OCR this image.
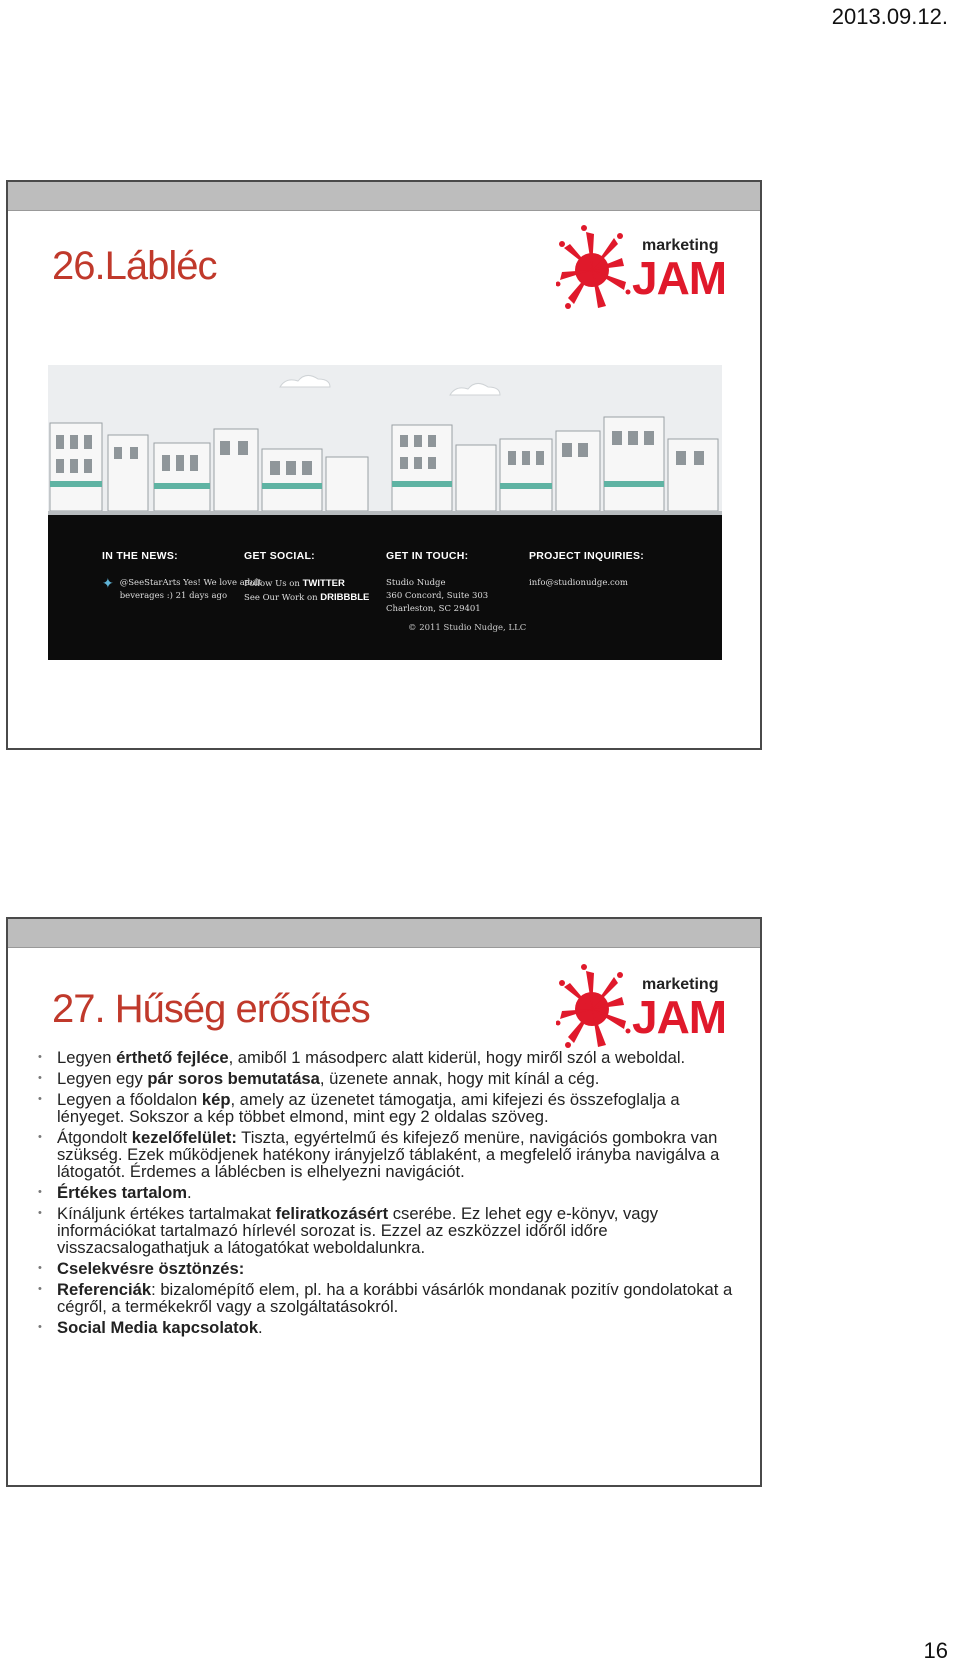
2013.09.12.
26.Lábléc	marketing
JAM
IN THE NEWS:
✦ @SeeStarArts Yes! We love adult
beverages :) 21 days ago
GET SOCIAL:
Follow Us on TWITTER
See Our Work on DRIBBBLE
GET IN TOUCH:
Studio Nudge
360 Concord, Suite 303
Charleston, SC 29401
PROJECT INQUIRIES:
info@studionudge.com
© 2011 Studio Nudge, LLC
27. Hűség erősítés
marketing
JAM
• Legyen érthető fejléce, amiből 1 másodperc alatt kiderül, hogy miről szól a weboldal.
• Legyen egy pár soros bemutatása, üzenete annak, hogy mit kínál a cég.
• Legyen a főoldalon kép, amely az üzenetet támogatja, ami kifejezi és összefoglalja a lényeget. Sokszor a kép többet elmond, mint egy 2 oldalas szöveg.
• Átgondolt kezelőfelület: Tiszta, egyértelmű és kifejező menüre, navigációs gombokra van szükség. Ezek működjenek hatékony irányjelző táblaként, a megfelelő irányba navigálva a látogatót. Érdemes a láblécben is elhelyezni navigációt.
• Értékes tartalom.
• Kínáljunk értékes tartalmakat feliratkozásért cserébe. Ez lehet egy e-könyv, vagy információkat tartalmazó hírlevél sorozat is. Ezzel az eszközzel időről időre visszacsalogathatjuk a látogatókat weboldalunkra.
• Cselekvésre ösztönzés:
• Referenciák: bizalomépítő elem, pl. ha a korábbi vásárlók mondanak pozitív gondolatokat a cégről, a termékekről vagy a szolgáltatásokról.
• Social Media kapcsolatok.
16
